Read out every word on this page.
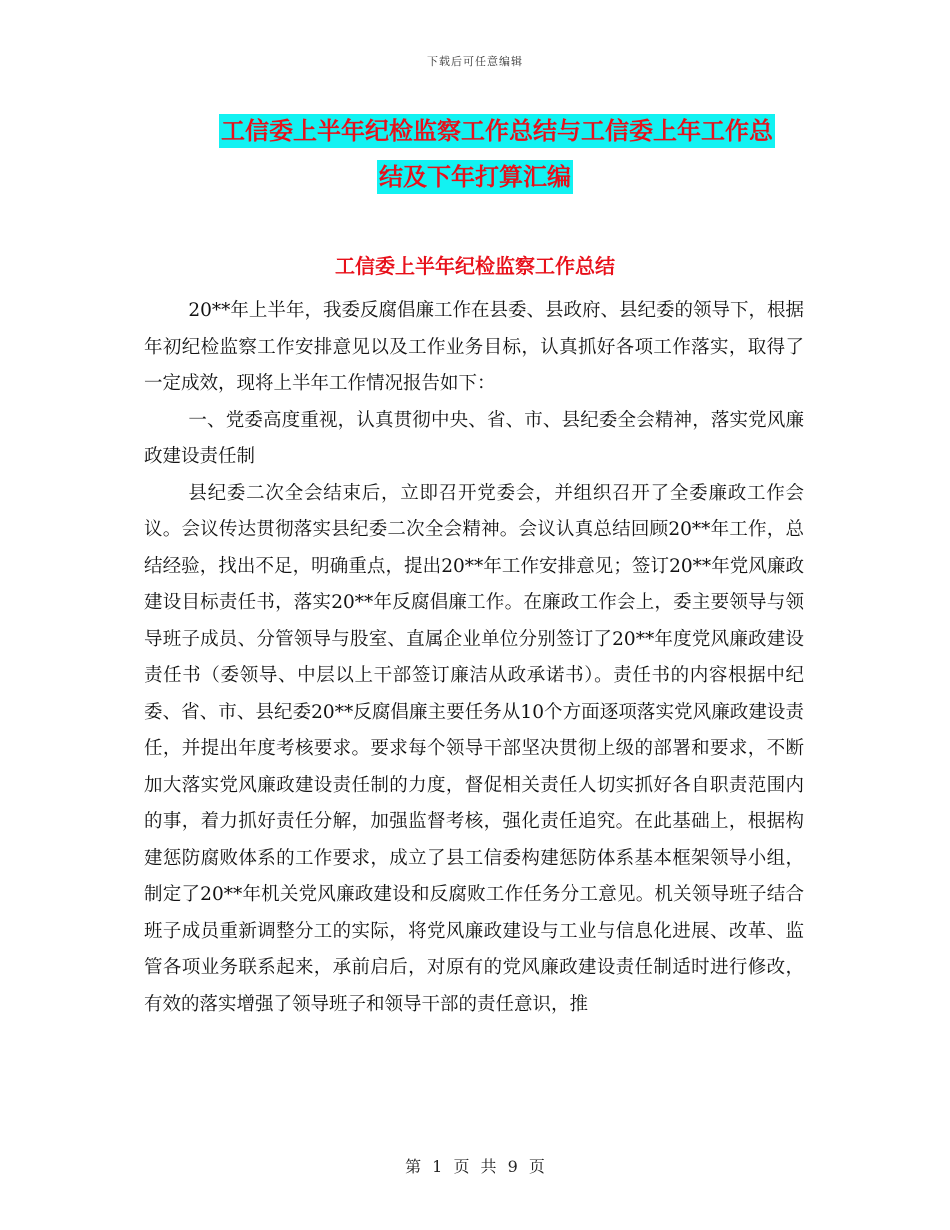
下载后可任意编辑
工信委上半年纪检监察工作总结与工信委上年工作总
结及下年打算汇编
工信委上半年纪检监察工作总结

20**年上半年，我委反腐倡廉工作在县委、县政府、县纪委的领导下，根据年初纪检监察工作安排意见以及工作业务目标，认真抓好各项工作落实，取得了一定成效，现将上半年工作情况报告如下：

一、党委高度重视，认真贯彻中央、省、市、县纪委全会精神，落实党风廉政建设责任制

县纪委二次全会结束后，立即召开党委会，并组织召开了全委廉政工作会议。会议传达贯彻落实县纪委二次全会精神。会议认真总结回顾20**年工作，总结经验，找出不足，明确重点，提出20**年工作安排意见；签订20**年党风廉政建设目标责任书，落实20**年反腐倡廉工作。在廉政工作会上，委主要领导与领导班子成员、分管领导与股室、直属企业单位分别签订了20**年度党风廉政建设责任书（委领导、中层以上干部签订廉洁从政承诺书）。责任书的内容根据中纪委、省、市、县纪委20**反腐倡廉主要任务从10个方面逐项落实党风廉政建设责任，并提出年度考核要求。要求每个领导干部坚决贯彻上级的部署和要求，不断加大落实党风廉政建设责任制的力度，督促相关责任人切实抓好各自职责范围内的事，着力抓好责任分解，加强监督考核，强化责任追究。在此基础上，根据构建惩防腐败体系的工作要求，成立了县工信委构建惩防体系基本框架领导小组，制定了20**年机关党风廉政建设和反腐败工作任务分工意见。机关领导班子结合班子成员重新调整分工的实际，将党风廉政建设与工业与信息化进展、改革、监管各项业务联系起来，承前启后，对原有的党风廉政建设责任制适时进行修改，有效的落实增强了领导班子和领导干部的责任意识，推

第 1 页 共 9 页
